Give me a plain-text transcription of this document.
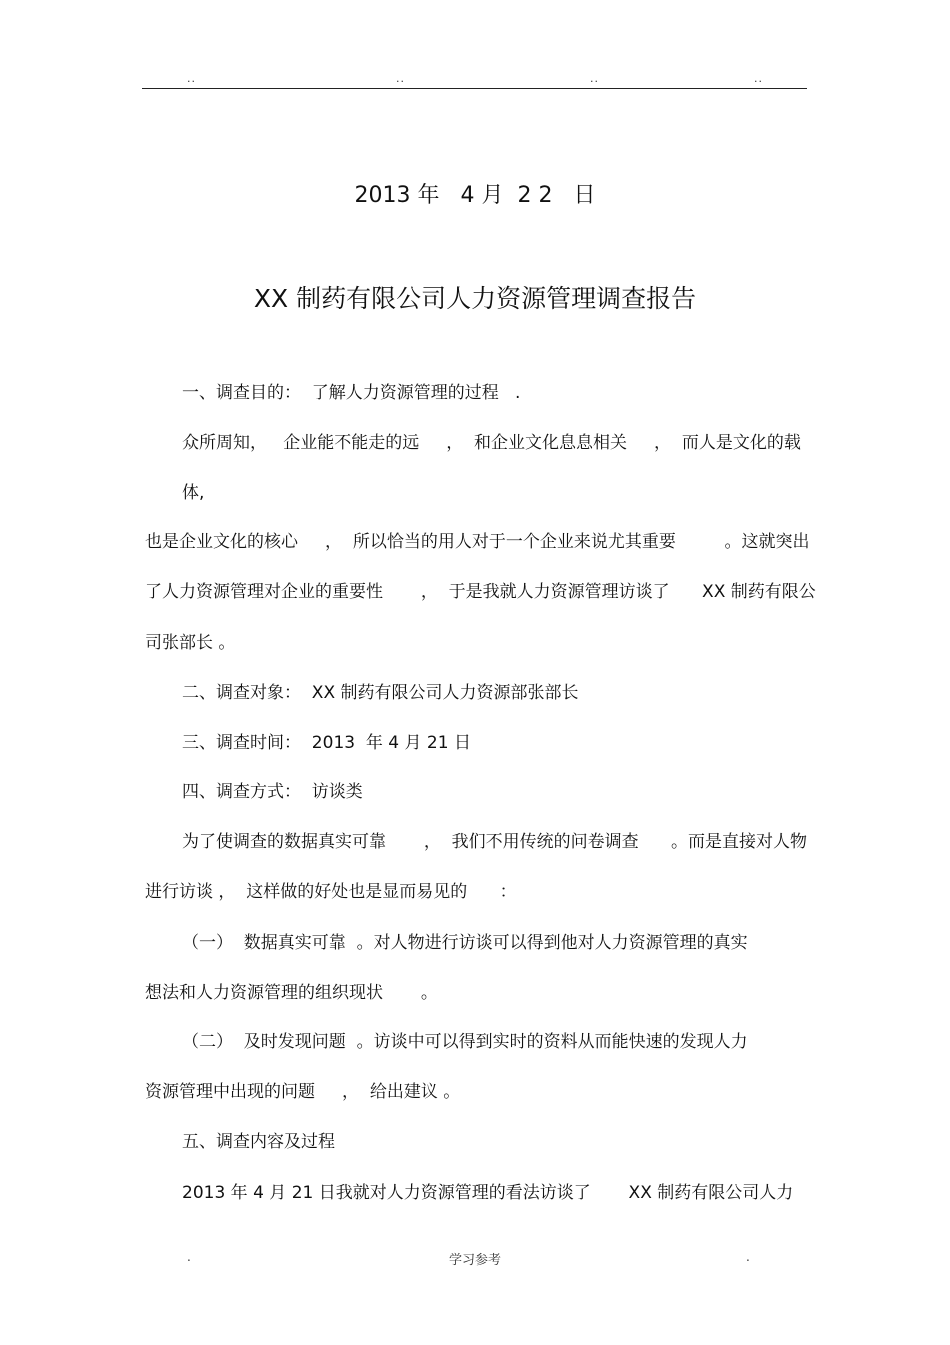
..	..	..	..
2013 年   4 月  2 2   日
XX 制药有限公司人力资源管理调查报告
一、调查目的：  了解人力资源管理的过程   .
众所周知，   企业能不能走的远     ，  和企业文化息息相关     ，  而人是文化的载
体,
也是企业文化的核心     ，  所以恰当的用人对于一个企业来说尤其重要         。这就突出
了人力资源管理对企业的重要性       ，  于是我就人力资源管理访谈了      XX 制药有限公
司张部长 。
二、调查对象：  XX 制药有限公司人力资源部张部长
三、调查时间：  2013  年 4 月 21 日
四、调查方式：  访谈类
为了使调查的数据真实可靠       ，  我们不用传统的问卷调查      。而是直接对人物
进行访谈 ，  这样做的好处也是显而易见的      ：
（一）  数据真实可靠  。对人物进行访谈可以得到他对人力资源管理的真实
想法和人力资源管理的组织现状       。
（二）  及时发现问题  。访谈中可以得到实时的资料从而能快速的发现人力
资源管理中出现的问题     ，  给出建议 。
五、调查内容及过程
2013 年 4 月 21 日我就对人力资源管理的看法访谈了       XX 制药有限公司人力
.	学习参考	.
